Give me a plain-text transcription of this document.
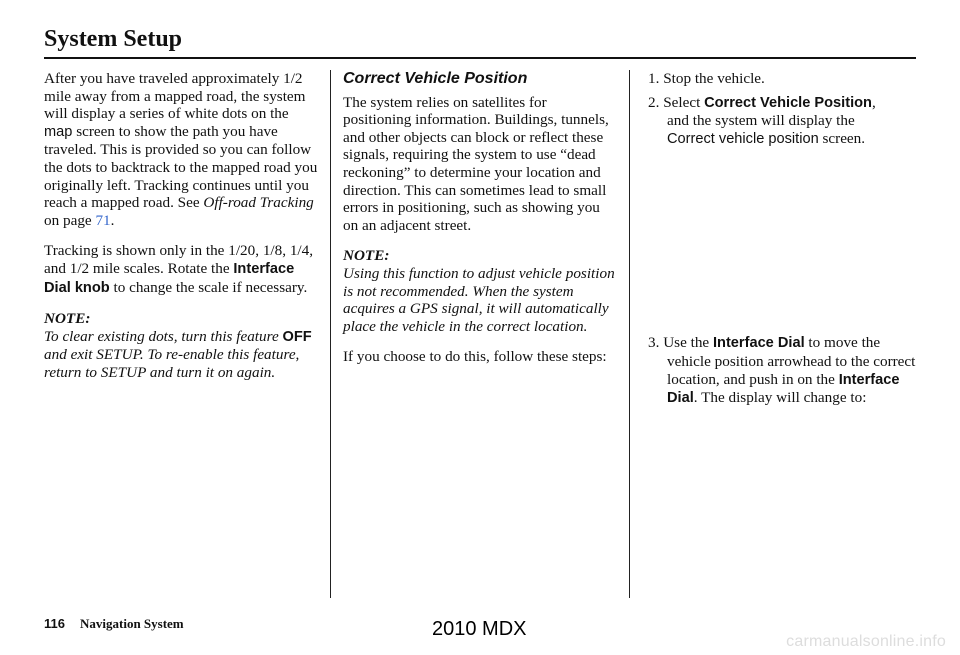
System Setup

After you have traveled approximately 1/2 mile away from a mapped road, the system will display a series of white dots on the map screen to show the path you have traveled. This is provided so you can follow the dots to backtrack to the mapped road you originally left. Tracking continues until you reach a mapped road. See Off-road Tracking on page 71.

Tracking is shown only in the 1/20, 1/8, 1/4, and 1/2 mile scales. Rotate the Interface Dial knob to change the scale if necessary.

NOTE:

To clear existing dots, turn this feature OFF and exit SETUP. To re-enable this feature, return to SETUP and turn it on again.

Correct Vehicle Position

The system relies on satellites for positioning information. Buildings, tunnels, and other objects can block or reflect these signals, requiring the system to use “dead reckoning” to determine your location and direction. This can sometimes lead to small errors in positioning, such as showing you on an adjacent street.

NOTE:

Using this function to adjust vehicle position is not recommended. When the system acquires a GPS signal, it will automatically place the vehicle in the correct location.

If you choose to do this, follow these steps:

1. Stop the vehicle.

2. Select Correct Vehicle Position,
and the system will display the
Correct vehicle position screen.

3. Use the Interface Dial to move the
vehicle position arrowhead to the correct location, and push in on the Interface Dial. The display will change to:

116 Navigation System	2010 MDX
carmanualsonline.info
